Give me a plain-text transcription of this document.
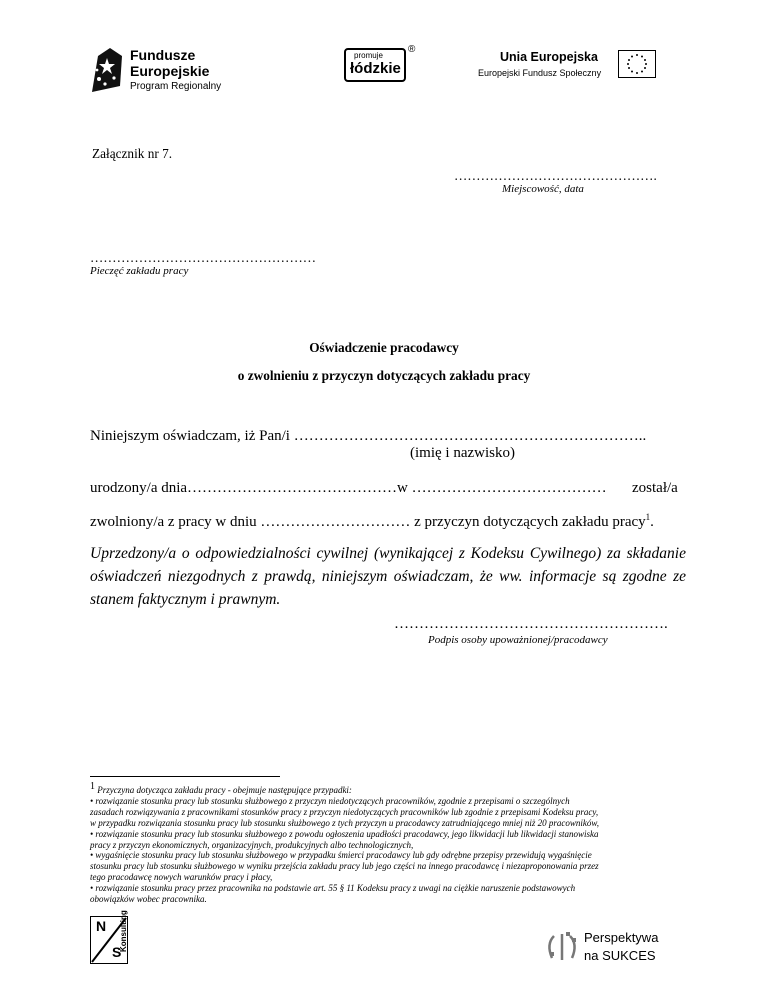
Fundusze
Europejskie
Program Regionalny
promuje
łódzkie
®
Unia Europejska
Europejski Fundusz Społeczny
Załącznik nr 7.
……………………………………….
Miejscowość, data
……………………………………………
Pieczęć zakładu pracy
Oświadczenie pracodawcy
o zwolnieniu z przyczyn dotyczących zakładu pracy
Niniejszym oświadczam, iż Pan/i ……………………………………………………………..
(imię i nazwisko)
urodzony/a dnia……………………………………w ………………………………… został/a
zwolniony/a z pracy w dniu ………………………… z przyczyn dotyczących zakładu pracy$^1$.
Uprzedzony/a o odpowiedzialności cywilnej (wynikającej z Kodeksu Cywilnego) za składanie oświadczeń niezgodnych z prawdą, niniejszym oświadczam, że ww. informacje są zgodne ze stanem faktycznym i prawnym.
……………………………………………….
Podpis osoby upoważnionej/pracodawcy
$^1$ Przyczyna dotycząca zakładu pracy - obejmuje następujące przypadki:
• rozwiązanie stosunku pracy lub stosunku służbowego z przyczyn niedotyczących pracowników, zgodnie z przepisami o szczególnych
zasadach rozwiązywania z pracownikami stosunków pracy z przyczyn niedotyczących pracowników lub zgodnie z przepisami Kodeksu pracy,
w przypadku rozwiązania stosunku pracy lub stosunku służbowego z tych przyczyn u pracodawcy zatrudniającego mniej niż 20 pracowników,
• rozwiązanie stosunku pracy lub stosunku służbowego z powodu ogłoszenia upadłości pracodawcy, jego likwidacji lub likwidacji stanowiska
pracy z przyczyn ekonomicznych, organizacyjnych, produkcyjnych albo technologicznych,
• wygaśnięcie stosunku pracy lub stosunku służbowego w przypadku śmierci pracodawcy lub gdy odrębne przepisy przewidują wygaśnięcie
stosunku pracy lub stosunku służbowego w wyniku przejścia zakładu pracy lub jego części na innego pracodawcę i niezaproponowania przez
tego pracodawcę nowych warunków pracy i płacy,
• rozwiązanie stosunku pracy przez pracownika na podstawie art. 55 § 11 Kodeksu pracy z uwagi na ciężkie naruszenie podstawowych
obowiązków wobec pracownika.
N
S
Konsulting	Perspektywa
na SUKCES
